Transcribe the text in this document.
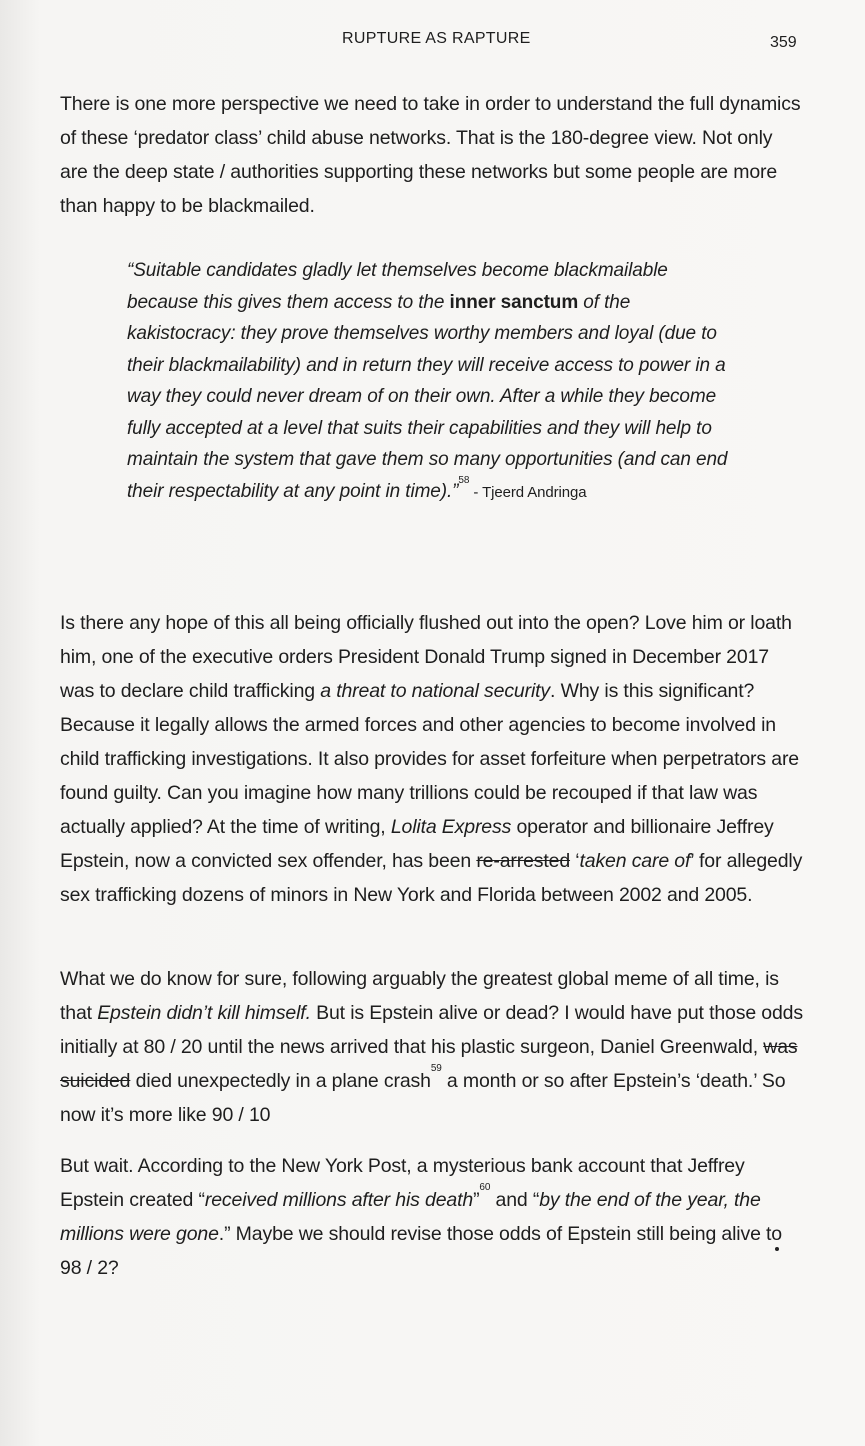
RUPTURE AS RAPTURE	359

There is one more perspective we need to take in order to understand the full dynamics of these ‘predator class’ child abuse networks. That is the 180-degree view. Not only are the deep state / authorities supporting these networks but some people are more than happy to be blackmailed.

“Suitable candidates gladly let themselves become blackmailable because this gives them access to the inner sanctum of the kakistocracy: they prove themselves worthy members and loyal (due to their blackmailability) and in return they will receive access to power in a way they could never dream of on their own. After a while they become fully accepted at a level that suits their capabilities and they will help to maintain the system that gave them so many opportunities (and can end their respectability at any point in time).”$^{58}$ - Tjeerd Andringa

Is there any hope of this all being officially flushed out into the open? Love him or loath him, one of the executive orders President Donald Trump signed in December 2017 was to declare child trafficking a threat to national security. Why is this significant? Because it legally allows the armed forces and other agencies to become involved in child trafficking investigations. It also provides for asset forfeiture when perpetrators are found guilty. Can you imagine how many trillions could be recouped if that law was actually applied? At the time of writing, Lolita Express operator and billionaire Jeffrey Epstein, now a convicted sex offender, has been re-arrested ‘taken care of’ for allegedly sex trafficking dozens of minors in New York and Florida between 2002 and 2005.

What we do know for sure, following arguably the greatest global meme of all time, is that Epstein didn’t kill himself. But is Epstein alive or dead? I would have put those odds initially at 80 / 20 until the news arrived that his plastic surgeon, Daniel Greenwald, was suicided died unexpectedly in a plane crash$^{59}$ a month or so after Epstein’s ‘death.’ So now it’s more like 90 / 10

But wait. According to the New York Post, a mysterious bank account that Jeffrey Epstein created “received millions after his death”$^{60}$ and “by the end of the year, the millions were gone.” Maybe we should revise those odds of Epstein still being alive to 98 / 2?
